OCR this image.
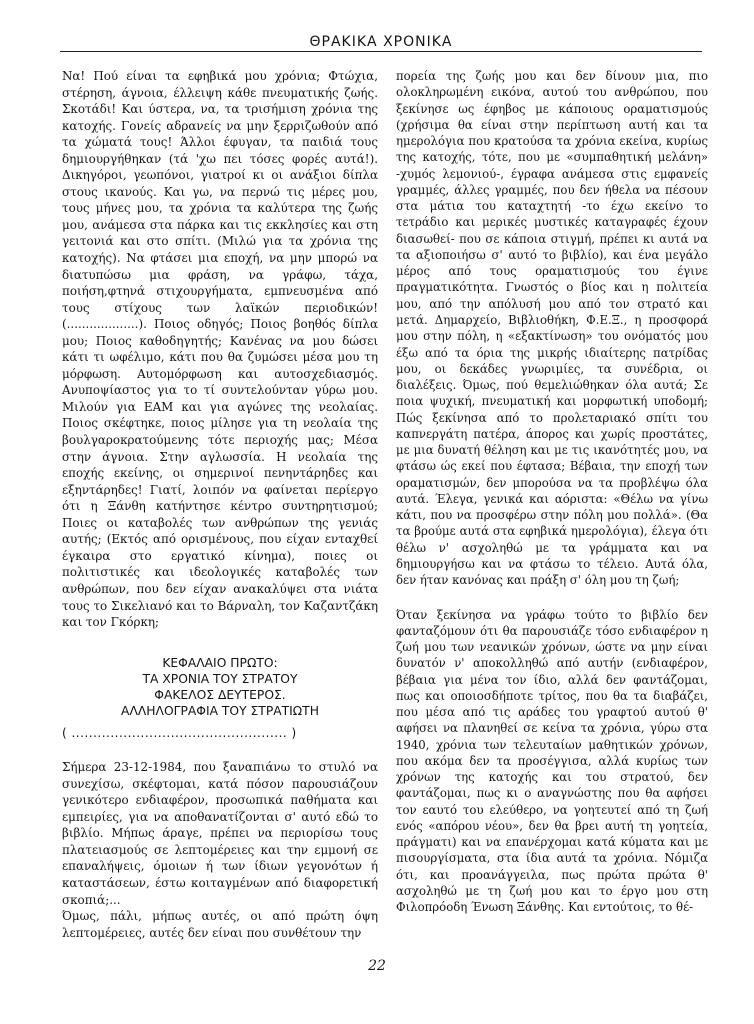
ΘΡΑΚΙΚΑ ΧΡΟΝΙΚΑ

Να! Πού είναι τα εφηβικά μου χρόνια; Φτώχια, στέρηση, άγνοια, έλλειψη κάθε πνευματικής ζωής. Σκοτάδι! Και ύστερα, να, τα τρισήμιση χρόνια της κατοχής. Γονείς αδρανείς να μην ξερριζωθούν από τα χώματά τους! Άλλοι έφυγαν, τα παιδιά τους δημιουργήθηκαν (τά 'χω πει τόσες φορές αυτά!). Δικηγόροι, γεωπόνοι, γιατροί κι οι ανάξιοι δίπλα στους ικανούς. Και γω, να περνώ τις μέρες μου, τους μήνες μου, τα χρόνια τα καλύτερα της ζωής μου, ανάμεσα στα πάρκα και τις εκκλησίες και στη γειτονιά και στο σπίτι. (Μιλώ για τα χρόνια της κατοχής). Να φτάσει μια εποχή, να μην μπορώ να διατυπώσω μια φράση, να γράφω, τάχα, ποιήση,φτηνά στιχουργήματα, εμπνευσμένα από τους στίχους των λαϊκών περιοδικών! (...................). Ποιος οδηγός; Ποιος βοηθός δίπλα μου; Ποιος καθοδηγητής; Κανένας να μου δώσει κάτι τι ωφέλιμο, κάτι που θα ζυμώσει μέσα μου τη μόρφωση. Αυτομόρφωση και αυτοσχεδιασμός. Ανυποψίαστος για το τί συντελούνταν γύρω μου. Μιλούν για ΕΑΜ και για αγώνες της νεολαίας. Ποιος σκέφτηκε, ποιος μίλησε για τη νεολαία της βουλγαροκρατούμενης τότε περιοχής μας; Μέσα στην άγνοια. Στην αγλωσσία. Η νεολαία της εποχής εκείνης, οι σημερινοί πενηντάρηδες και εξηντάρηδες! Γιατί, λοιπόν να φαίνεται περίεργο ότι η Ξάνθη κατήντησε κέντρο συντηρητισμού; Ποιες οι καταβολές των ανθρώπων της γενιάς αυτής; (Εκτός από ορισμένους, που είχαν ενταχθεί έγκαιρα στο εργατικό κίνημα), ποιες οι πολιτιστικές και ιδεολογικές καταβολές των ανθρώπων, που δεν είχαν ανακαλύψει στα νιάτα τους το Σικελιανό και το Βάρναλη, τον Καζαντζάκη και τον Γκόρκη;

ΚΕΦΑΛΑΙΟ ΠΡΩΤΟ:
ΤΑ ΧΡΟΝΙΑ ΤΟΥ ΣΤΡΑΤΟΥ
ΦΑΚΕΛΟΣ ΔΕΥΤΕΡΟΣ.
ΑΛΛΗΛΟΓΡΑΦΙΑ ΤΟΥ ΣΤΡΑΤΙΩΤΗ

( .................................................. )

Σήμερα 23-12-1984, που ξαναπιάνω το στυλό να συνεχίσω, σκέφτομαι, κατά πόσον παρουσιάζουν γενικότερο ενδιαφέρον, προσωπικά παθήματα και εμπειρίες, για να αποθανατίζονται σ' αυτό εδώ το βιβλίο. Μήπως άραγε, πρέπει να περιορίσω τους πλατειασμούς σε λεπτομέρειες και την εμμονή σε επαναλήψεις, όμοιων ή των ίδιων γεγονότων ή καταστάσεων, έστω κοιταγμένων από διαφορετική σκοπιά;...

Όμως, πάλι, μήπως αυτές, οι από πρώτη όψη λεπτομέρειες, αυτές δεν είναι που συνθέτουν την

πορεία της ζωής μου και δεν δίνουν μια, πιο ολοκληρωμένη εικόνα, αυτού του ανθρώπου, που ξεκίνησε ως έφηβος με κάποιους οραματισμούς (χρήσιμα θα είναι στην περίπτωση αυτή και τα ημερολόγια που κρατούσα τα χρόνια εκείνα, κυρίως της κατοχής, τότε, που με «συμπαθητική μελάνη» -χυμός λεμονιού-, έγραφα ανάμεσα στις εμφανείς γραμμές, άλλες γραμμές, που δεν ήθελα να πέσουν στα μάτια του καταχτητή -το έχω εκείνο το τετράδιο και μερικές μυστικές καταγραφές έχουν διασωθεί- που σε κάποια στιγμή, πρέπει κι αυτά να τα αξιοποιήσω σ' αυτό το βιβλίο), και ένα μεγάλο μέρος από τους οραματισμούς του έγινε πραγματικότητα. Γνωστός ο βίος και η πολιτεία μου, από την απόλυσή μου από τον στρατό και μετά. Δημαρχείο, Βιβλιοθήκη, Φ.Ε.Ξ., η προσφορά μου στην πόλη, η «εξακτίνωση» του ονόματός μου έξω από τα όρια της μικρής ιδιαίτερης πατρίδας μου, οι δεκάδες γνωριμίες, τα συνέδρια, οι διαλέξεις. Όμως, πού θεμελιώθηκαν όλα αυτά; Σε ποια ψυχική, πνευματική και μορφωτική υποδομή; Πώς ξεκίνησα από το προλεταριακό σπίτι του καπνεργάτη πατέρα, άπορος και χωρίς προστάτες, με μια δυνατή θέληση και με τις ικανότητές μου, να φτάσω ώς εκεί που έφτασα; Βέβαια, την εποχή των οραματισμών, δεν μπορούσα να τα προβλέψω όλα αυτά. Έλεγα, γενικά και αόριστα: «Θέλω να γίνω κάτι, που να προσφέρω στην πόλη μου πολλά». (Θα τα βρούμε αυτά στα εφηβικά ημερολόγια), έλεγα ότι θέλω ν' ασχοληθώ με τα γράμματα και να δημιουργήσω και να φτάσω το τέλειο. Αυτά όλα, δεν ήταν κανόνας και πράξη σ' όλη μου τη ζωή;

Όταν ξεκίνησα να γράφω τούτο το βιβλίο δεν φανταζόμουν ότι θα παρουσιάζε τόσο ενδιαφέρον η ζωή μου των νεανικών χρόνων, ώστε να μην είναι δυνατόν ν' αποκολληθώ από αυτήν (ενδιαφέρον, βέβαια για μένα τον ίδιο, αλλά δεν φαντάζομαι, πως και οποιοσδήποτε τρίτος, που θα τα διαβάζει, που μέσα από τις αράδες του γραφτού αυτού θ' αφήσει να πλανηθεί σε κείνα τα χρόνια, γύρω στα 1940, χρόνια των τελευταίων μαθητικών χρόνων, που ακόμα δεν τα προσέγγισα, αλλά κυρίως των χρόνων της κατοχής και του στρατού, δεν φαντάζομαι, πως κι ο αναγνώστης που θα αφήσει τον εαυτό του ελεύθερο, να γοητευτεί από τη ζωή ενός «απόρου νέου», δεν θα βρει αυτή τη γοητεία, πράγματι) και να επανέρχομαι κατά κύματα και με πισουργίσματα, στα ίδια αυτά τα χρόνια. Νόμιζα ότι, και προανάγγειλα, πως πρώτα πρώτα θ' ασχοληθώ με τη ζωή μου και το έργο μου στη Φιλοπρόοδη Ένωση Ξάνθης. Και εντούτοις, το θέ-

22
